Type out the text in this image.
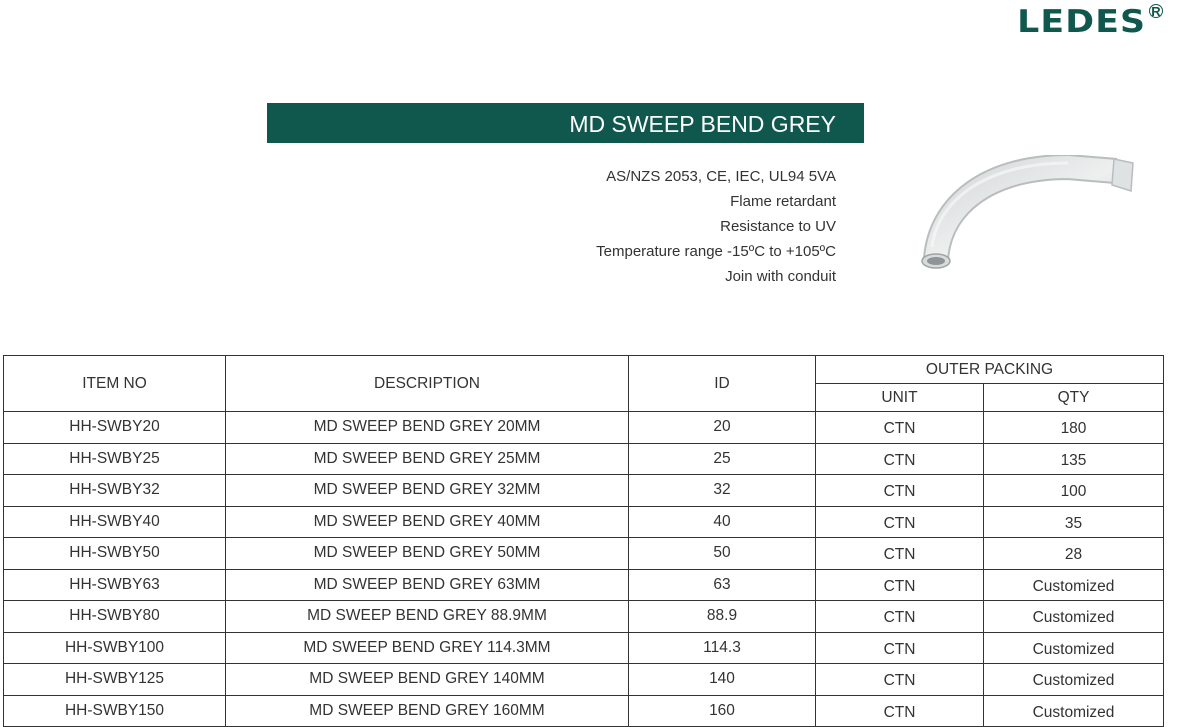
LEDES R
MD SWEEP BEND GREY
AS/NZS 2053, CE, IEC, UL94 5VA
Flame retardant
Resistance to UV
Temperature range -15ºC to +105ºC
Join with conduit
ITEM NO	DESCRIPTION	ID	OUTER PACKING	
			UNIT	QTY
HH-SWBY20	MD SWEEP BEND GREY 20MM	20	CTN	180
HH-SWBY25	MD SWEEP BEND GREY 25MM	25	CTN	135
HH-SWBY32	MD SWEEP BEND GREY 32MM	32	CTN	100
HH-SWBY40	MD SWEEP BEND GREY 40MM	40	CTN	35
HH-SWBY50	MD SWEEP BEND GREY 50MM	50	CTN	28
HH-SWBY63	MD SWEEP BEND GREY 63MM	63	CTN	Customized
HH-SWBY80	MD SWEEP BEND GREY 88.9MM	88.9	CTN	Customized
HH-SWBY100	MD SWEEP BEND GREY 114.3MM	114.3	CTN	Customized
HH-SWBY125	MD SWEEP BEND GREY 140MM	140	CTN	Customized
HH-SWBY150	MD SWEEP BEND GREY 160MM	160	CTN	Customized
